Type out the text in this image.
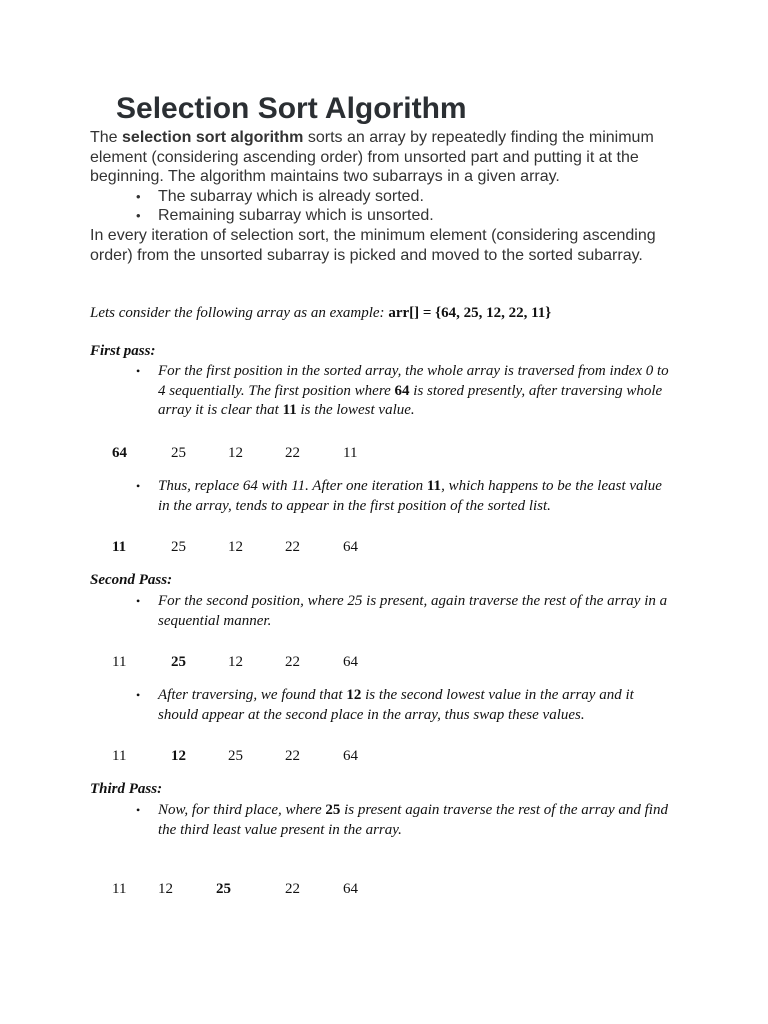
Selection Sort Algorithm

The selection sort algorithm sorts an array by repeatedly finding the minimum element (considering ascending order) from unsorted part and putting it at the beginning. The algorithm maintains two subarrays in a given array.

• The subarray which is already sorted.
• Remaining subarray which is unsorted.

In every iteration of selection sort, the minimum element (considering ascending order) from the unsorted subarray is picked and moved to the sorted subarray.

Lets consider the following array as an example: arr[] = {64, 25, 12, 22, 11}
First pass:
•	For the first position in the sorted array, the whole array is traversed from index 0 to 4 sequentially. The first position where 64 is stored presently, after traversing whole array it is clear that 11 is the lowest value.
64	25	12	22	11
•	Thus, replace 64 with 11. After one iteration 11, which happens to be the least value in the array, tends to appear in the first position of the sorted list.
11	25	12	22	64
Second Pass:
•	For the second position, where 25 is present, again traverse the rest of the array in a sequential manner.
11	25	12	22	64
•	After traversing, we found that 12 is the second lowest value in the array and it should appear at the second place in the array, thus swap these values.
11	12	25	22	64
Third Pass:
•	Now, for third place, where 25 is present again traverse the rest of the array and find the third least value present in the array.
11 12	25	22	64
